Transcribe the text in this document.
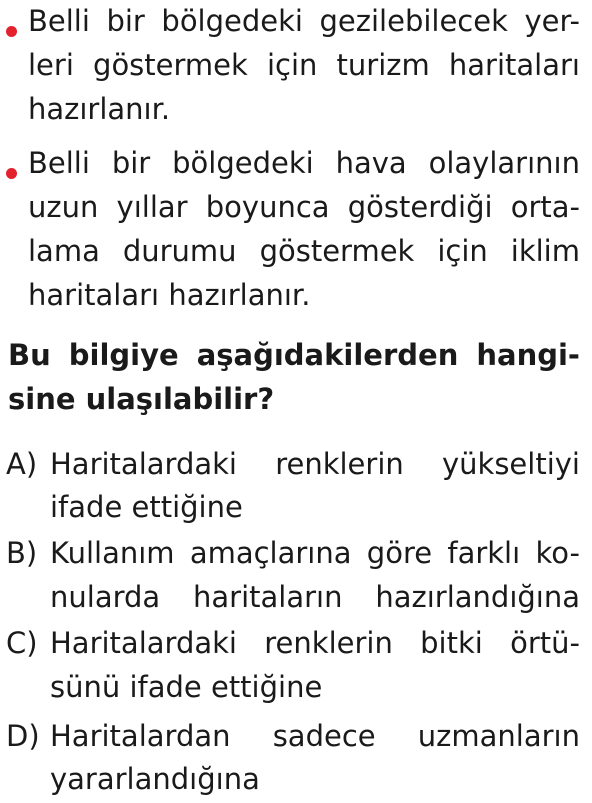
Belli bir bölgedeki gezilebilecek yer-
leri göstermek için turizm haritaları
hazırlanır.
Belli bir bölgedeki hava olaylarının
uzun yıllar boyunca gösterdiği orta-
lama durumu göstermek için iklim
haritaları hazırlanır.
Bu bilgiye aşağıdakilerden hangi-
sine ulaşılabilir?
A) Haritalardaki renklerin yükseltiyi
ifade ettiğine
B) Kullanım amaçlarına göre farklı ko-
nularda haritaların hazırlandığına
C) Haritalardaki renklerin bitki örtü-
sünü ifade ettiğine
D) Haritalardan sadece uzmanların
yararlandığına
